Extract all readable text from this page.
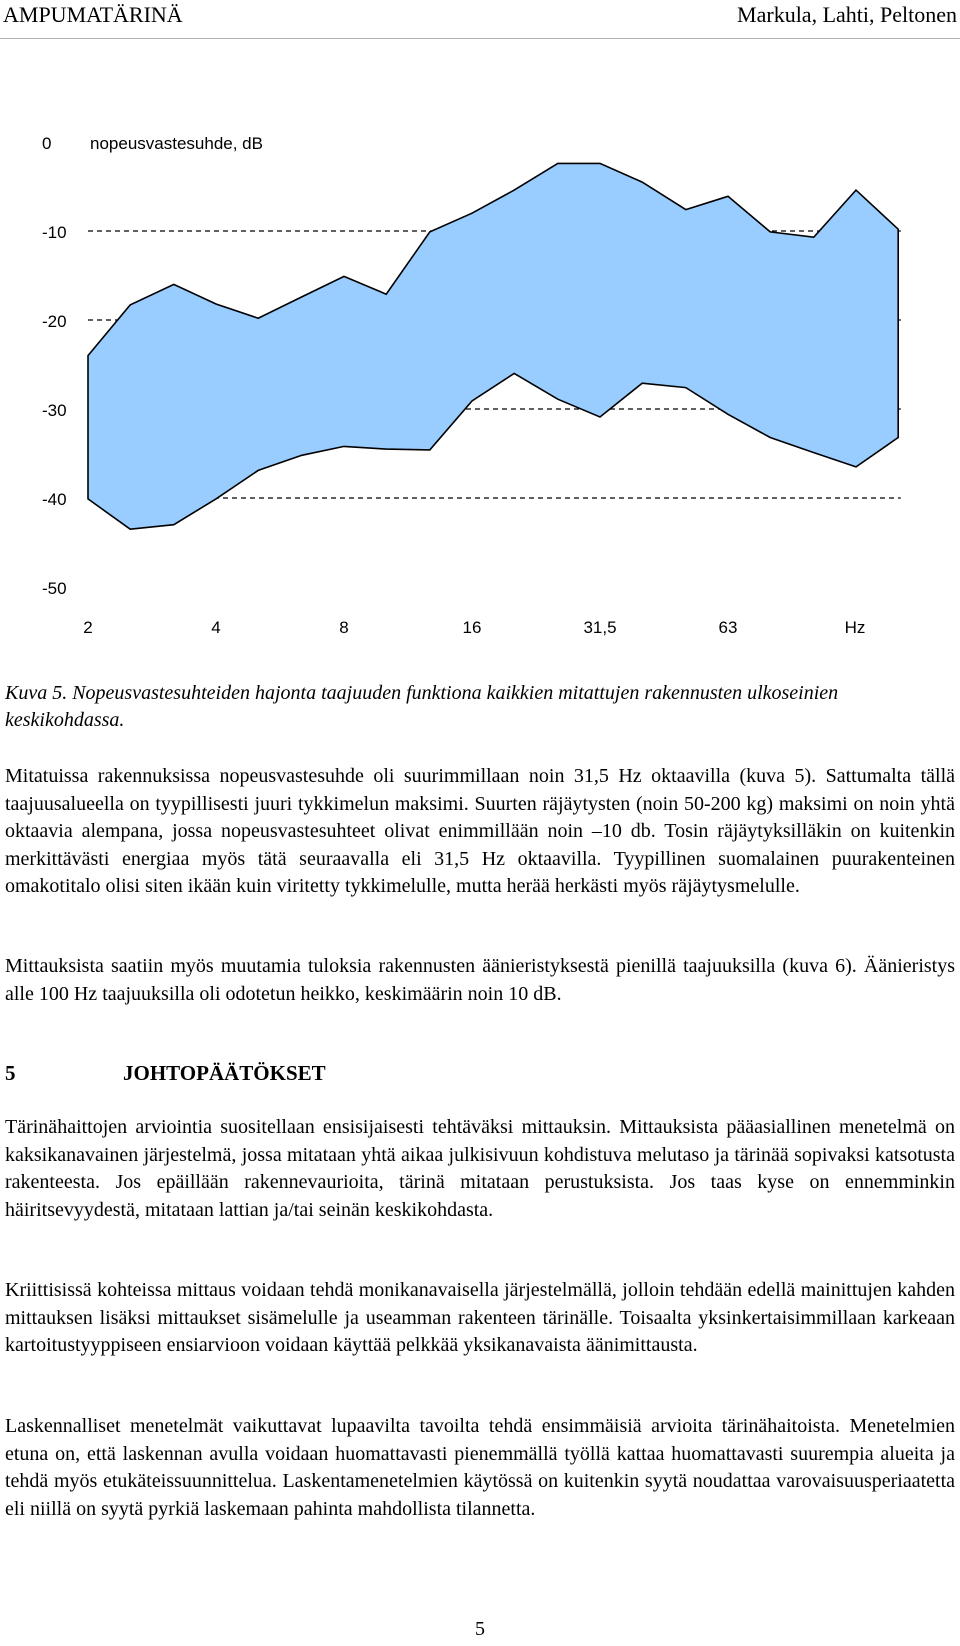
AMPUMATÄRINÄ	Markula, Lahti, Peltonen
0
-10
-20
-30
-40
-50
nopeusvastesuhde, dB
2	4	8	16	31,5	63	Hz

Kuva 5. Nopeusvastesuhteiden hajonta taajuuden funktiona kaikkien mitattujen rakennusten ulkoseinien keskikohdassa.

Mitatuissa rakennuksissa nopeusvastesuhde oli suurimmillaan noin 31,5 Hz oktaavilla (kuva 5). Sattumalta tällä taajuusalueella on tyypillisesti juuri tykkimelun maksimi. Suurten räjäytysten (noin 50-200 kg) maksimi on noin yhtä oktaavia alempana, jossa nopeusvastesuhteet olivat enimmillään noin –10 db. Tosin räjäytyksilläkin on kuitenkin merkittävästi energiaa myös tätä seuraavalla eli 31,5 Hz oktaavilla. Tyypillinen suomalainen puurakenteinen omakotitalo olisi siten ikään kuin viritetty tykkimelulle, mutta herää herkästi myös räjäytysmelulle.

Mittauksista saatiin myös muutamia tuloksia rakennusten äänieristyksestä pienillä taajuuksilla (kuva 6). Äänieristys alle 100 Hz taajuuksilla oli odotetun heikko, keskimäärin noin 10 dB.

5	JOHTOPÄÄTÖKSET

Tärinähaittojen arviointia suositellaan ensisijaisesti tehtäväksi mittauksin. Mittauksista pääasiallinen menetelmä on kaksikanavainen järjestelmä, jossa mitataan yhtä aikaa julkisivuun kohdistuva melutaso ja tärinää sopivaksi katsotusta rakenteesta. Jos epäillään rakennevaurioita, tärinä mitataan perustuksista. Jos taas kyse on ennemminkin häiritsevyydestä, mitataan lattian ja/tai seinän keskikohdasta.

Kriittisissä kohteissa mittaus voidaan tehdä monikanavaisella järjestelmällä, jolloin tehdään edellä mainittujen kahden mittauksen lisäksi mittaukset sisämelulle ja useamman rakenteen tärinälle. Toisaalta yksinkertaisimmillaan karkeaan kartoitustyyppiseen ensiarvioon voidaan käyttää pelkkää yksikanavaista äänimittausta.

Laskennalliset menetelmät vaikuttavat lupaavilta tavoilta tehdä ensimmäisiä arvioita tärinähaitoista. Menetelmien etuna on, että laskennan avulla voidaan huomattavasti pienemmällä työllä kattaa huomattavasti suurempia alueita ja tehdä myös etukäteissuunnittelua. Laskentamenetelmien käytössä on kuitenkin syytä noudattaa varovaisuusperiaatetta eli niillä on syytä pyrkiä laskemaan pahinta mahdollista tilannetta.

5
